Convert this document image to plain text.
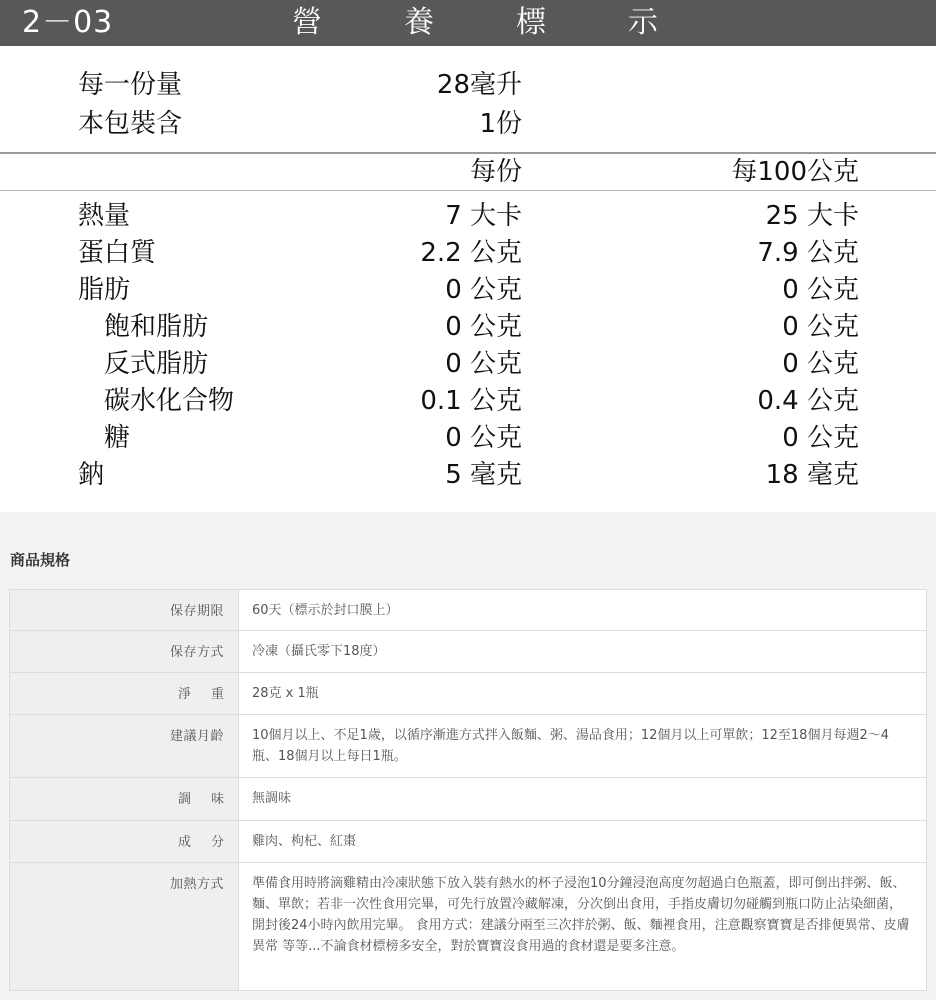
2－03	營	養	標	示
每一份量	28毫升
本包裝含	1份
每份	每100公克
熱量	7 大卡	25 大卡
蛋白質	2.2 公克	7.9 公克
脂肪	0 公克	0 公克
飽和脂肪	0 公克	0 公克
反式脂肪	0 公克	0 公克
碳水化合物	0.1 公克	0.4 公克
糖	0 公克	0 公克
鈉	5 毫克	18 毫克
商品規格
保存期限	60天（標示於封口膜上）
保存方式	冷凍（攝氏零下18度）
淨重	28克 x 1瓶
建議月齡	10個月以上、不足1歲，以循序漸進方式拌入飯麵、粥、湯品食用；12個月以上可單飲；12至18個月每週2～4瓶、18個月以上每日1瓶。
調味	無調味
成分	雞肉、枸杞、紅棗
加熱方式	準備食用時將滴雞精由冷凍狀態下放入裝有熱水的杯子浸泡10分鐘浸泡高度勿超過白色瓶蓋，即可倒出拌粥、飯、麵、單飲；若非一次性食用完畢，可先行放置冷藏解凍，分次倒出食用，手指皮膚切勿碰觸到瓶口防止沾染細菌，開封後24小時內飲用完畢。 食用方式：建議分兩至三次拌於粥、飯、麵裡食用，注意觀察寶寶是否排便異常、皮膚異常 等等...不論食材標榜多安全，對於寶寶沒食用過的食材還是要多注意。
